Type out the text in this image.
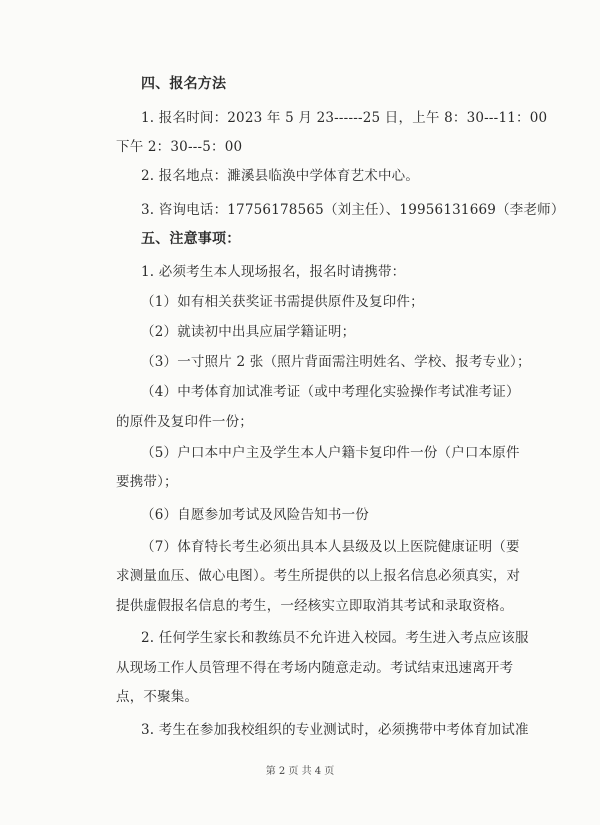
四、报名方法

1. 报名时间：2023 年 5 月 23------25 日，上午 8：30---11：00

下午 2：30---5：00

2. 报名地点：濉溪县临涣中学体育艺术中心。

3. 咨询电话：17756178565（刘主任）、19956131669（李老师）

五、注意事项：

1. 必须考生本人现场报名，报名时请携带：

（1）如有相关获奖证书需提供原件及复印件；

（2）就读初中出具应届学籍证明；

（3）一寸照片 2 张（照片背面需注明姓名、学校、报考专业）；

（4）中考体育加试准考证（或中考理化实验操作考试准考证）

的原件及复印件一份；

（5）户口本中户主及学生本人户籍卡复印件一份（户口本原件

要携带）；

（6）自愿参加考试及风险告知书一份

（7）体育特长考生必须出具本人县级及以上医院健康证明（要

求测量血压、做心电图）。考生所提供的以上报名信息必须真实，对

提供虚假报名信息的考生，一经核实立即取消其考试和录取资格。

2. 任何学生家长和教练员不允许进入校园。考生进入考点应该服

从现场工作人员管理不得在考场内随意走动。考试结束迅速离开考

点，不聚集。

3. 考生在参加我校组织的专业测试时，必须携带中考体育加试准

第 2 页 共 4 页
